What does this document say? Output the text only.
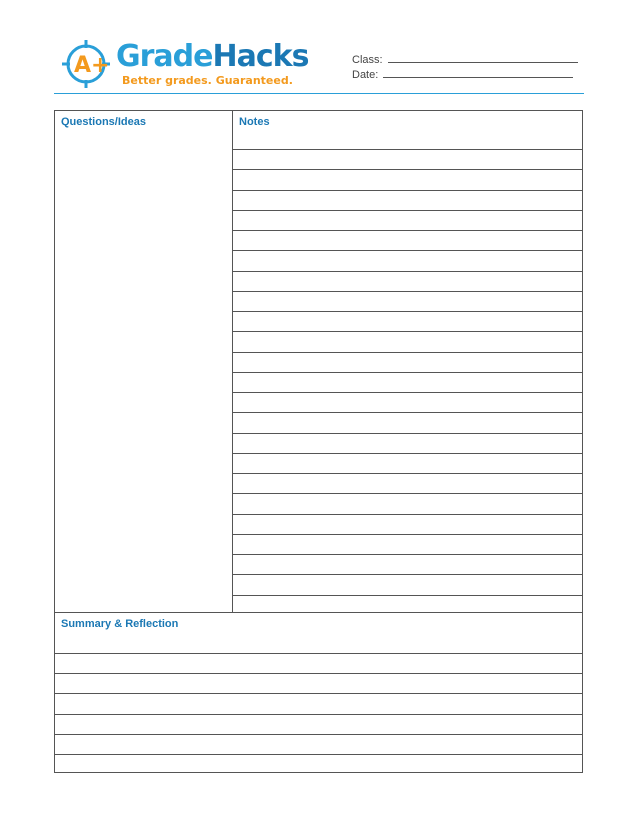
A+ GradeHacks
Better grades. Guaranteed.
Class:
Date:
Questions/Ideas	Notes
Summary & Reflection
